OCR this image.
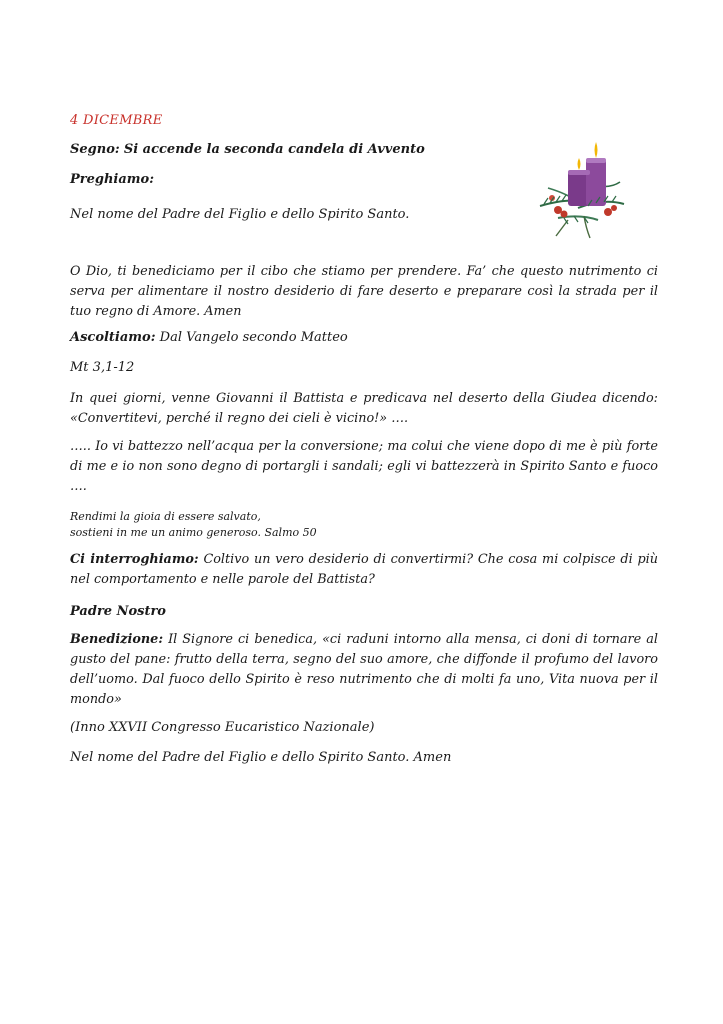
4 DICEMBRE
Segno: Si accende la seconda candela di Avvento
Preghiamo:
Nel nome del Padre del Figlio e dello Spirito Santo.
O Dio, ti benediciamo per il cibo che stiamo per prendere. Fa’ che questo nutrimento ci serva per alimentare il nostro desiderio di fare deserto e preparare così la strada per il tuo regno di Amore. Amen
Ascoltiamo: Dal Vangelo secondo Matteo
Mt 3,1-12
In quei giorni, venne Giovanni il Battista e predicava nel deserto della Giudea dicendo: «Convertitevi, perché il regno dei cieli è vicino!» ….
….. Io vi battezzo nell’acqua per la conversione; ma colui che viene dopo di me è più forte di me e io non sono degno di portargli i sandali; egli vi battezzerà in Spirito Santo e fuoco ….
Rendimi la gioia di essere salvato,
sostieni in me un animo generoso. Salmo 50
Ci interroghiamo: Coltivo un vero desiderio di convertirmi? Che cosa mi colpisce di più nel comportamento e nelle parole del Battista?
Padre Nostro
Benedizione: Il Signore ci benedica, «ci raduni intorno alla mensa, ci doni di tornare al gusto del pane: frutto della terra, segno del suo amore, che diffonde il profumo del lavoro dell’uomo. Dal fuoco dello Spirito è reso nutrimento che di molti fa uno, Vita nuova per il mondo»
(Inno XXVII Congresso Eucaristico Nazionale)
Nel nome del Padre del Figlio e dello Spirito Santo. Amen
